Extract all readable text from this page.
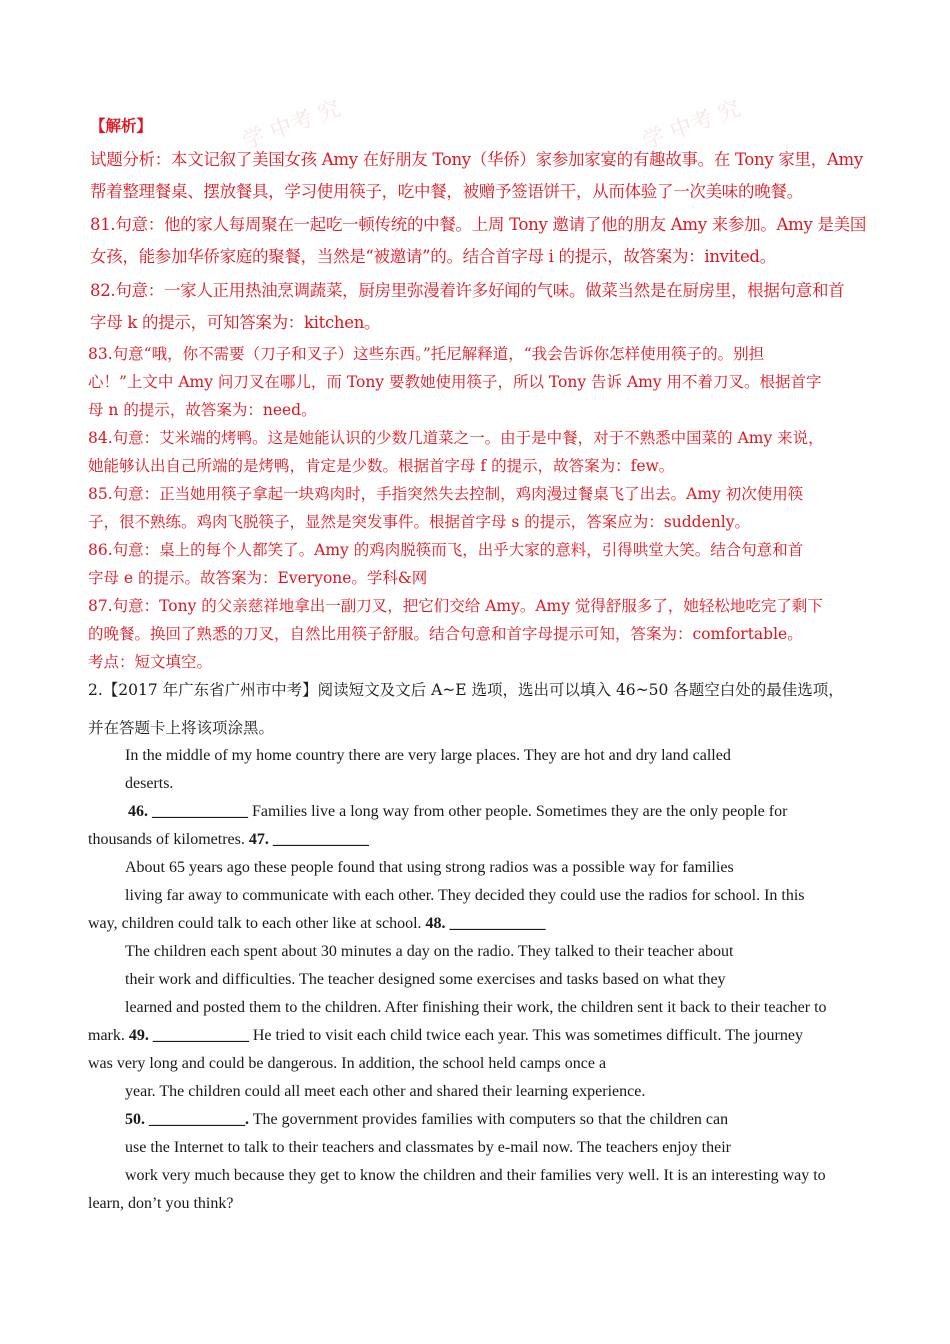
学 中考 究	学 中考 究
【解析】
试题分析：本文记叙了美国女孩 Amy 在好朋友 Tony（华侨）家参加家宴的有趣故事。在 Tony 家里，Amy
帮着整理餐桌、摆放餐具，学习使用筷子，吃中餐，被赠予签语饼干，从而体验了一次美味的晚餐。
81.句意：他的家人每周聚在一起吃一顿传统的中餐。上周 Tony 邀请了他的朋友 Amy 来参加。Amy 是美国
女孩，能参加华侨家庭的聚餐，当然是“被邀请”的。结合首字母 i 的提示，故答案为：invited。
82.句意：一家人正用热油烹调蔬菜，厨房里弥漫着许多好闻的气味。做菜当然是在厨房里，根据句意和首
字母 k 的提示，可知答案为：kitchen。
83.句意“哦，你不需要（刀子和叉子）这些东西。”托尼解释道，“我会告诉你怎样使用筷子的。别担
心！”上文中 Amy 问刀叉在哪儿，而 Tony 要教她使用筷子，所以 Tony 告诉 Amy 用不着刀叉。根据首字
母 n 的提示，故答案为：need。
84.句意：艾米端的烤鸭。这是她能认识的少数几道菜之一。由于是中餐，对于不熟悉中国菜的 Amy 来说，
她能够认出自己所端的是烤鸭，肯定是少数。根据首字母 f 的提示，故答案为：few。
85.句意：正当她用筷子拿起一块鸡肉时，手指突然失去控制，鸡肉漫过餐桌飞了出去。Amy 初次使用筷
子，很不熟练。鸡肉飞脱筷子，显然是突发事件。根据首字母 s 的提示，答案应为：suddenly。
86.句意：桌上的每个人都笑了。Amy 的鸡肉脱筷而飞，出乎大家的意料，引得哄堂大笑。结合句意和首
字母 e 的提示。故答案为：Everyone。学科&网
87.句意：Tony 的父亲慈祥地拿出一副刀叉，把它们交给 Amy。Amy 觉得舒服多了，她轻松地吃完了剩下
的晚餐。换回了熟悉的刀叉，自然比用筷子舒服。结合句意和首字母提示可知，答案为：comfortable。
考点：短文填空。
2.【2017 年广东省广州市中考】阅读短文及文后 A~E 选项，选出可以填入 46~50 各题空白处的最佳选项，
并在答题卡上将该项涂黑。
In the middle of my home country there are very large places. They are hot and dry land called
deserts.
46. ____________ Families live a long way from other people. Sometimes they are the only people for
thousands of kilometres. 47. ____________
About 65 years ago these people found that using strong radios was a possible way for families
living far away to communicate with each other. They decided they could use the radios for school. In this
way, children could talk to each other like at school. 48. ____________
The children each spent about 30 minutes a day on the radio. They talked to their teacher about
their work and difficulties. The teacher designed some exercises and tasks based on what they
learned and posted them to the children. After finishing their work, the children sent it back to their teacher to
mark. 49. ____________ He tried to visit each child twice each year. This was sometimes difficult. The journey
was very long and could be dangerous. In addition, the school held camps once a
year. The children could all meet each other and shared their learning experience.
50. ____________. The government provides families with computers so that the children can
use the Internet to talk to their teachers and classmates by e-mail now. The teachers enjoy their
work very much because they get to know the children and their families very well. It is an interesting way to
learn, don’t you think?
